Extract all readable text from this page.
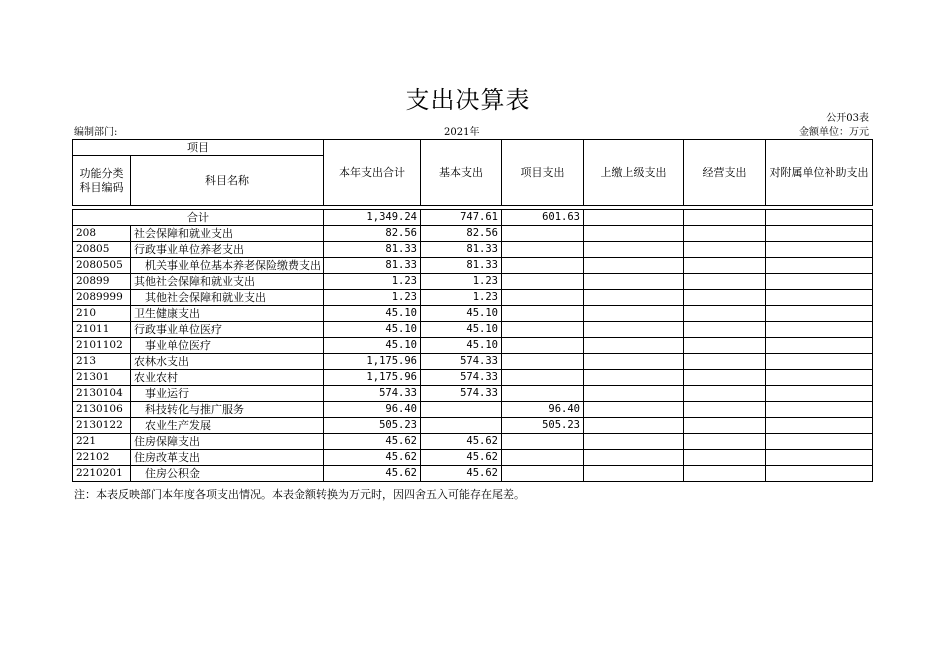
支出决算表
公开03表
编制部门:	2021年	金额单位：万元
项目		本年支出合计	基本支出	项目支出	上缴上级支出	经营支出	对附属单位补助支出
功能分类科目编码	科目名称						

合计		1,349.24	747.61	601.63			
208	社会保障和就业支出	82.56	82.56				
20805	行政事业单位养老支出	81.33	81.33				
2080505	机关事业单位基本养老保险缴费支出	81.33	81.33				
20899	其他社会保障和就业支出	1.23	1.23				
2089999	其他社会保障和就业支出	1.23	1.23				
210	卫生健康支出	45.10	45.10				
21011	行政事业单位医疗	45.10	45.10				
2101102	事业单位医疗	45.10	45.10				
213	农林水支出	1,175.96	574.33				
21301	农业农村	1,175.96	574.33				
2130104	事业运行	574.33	574.33				
2130106	科技转化与推广服务	96.40		96.40			
2130122	农业生产发展	505.23		505.23			
221	住房保障支出	45.62	45.62				
22102	住房改革支出	45.62	45.62				
2210201	住房公积金	45.62	45.62				
注：本表反映部门本年度各项支出情况。本表金额转换为万元时，因四舍五入可能存在尾差。
